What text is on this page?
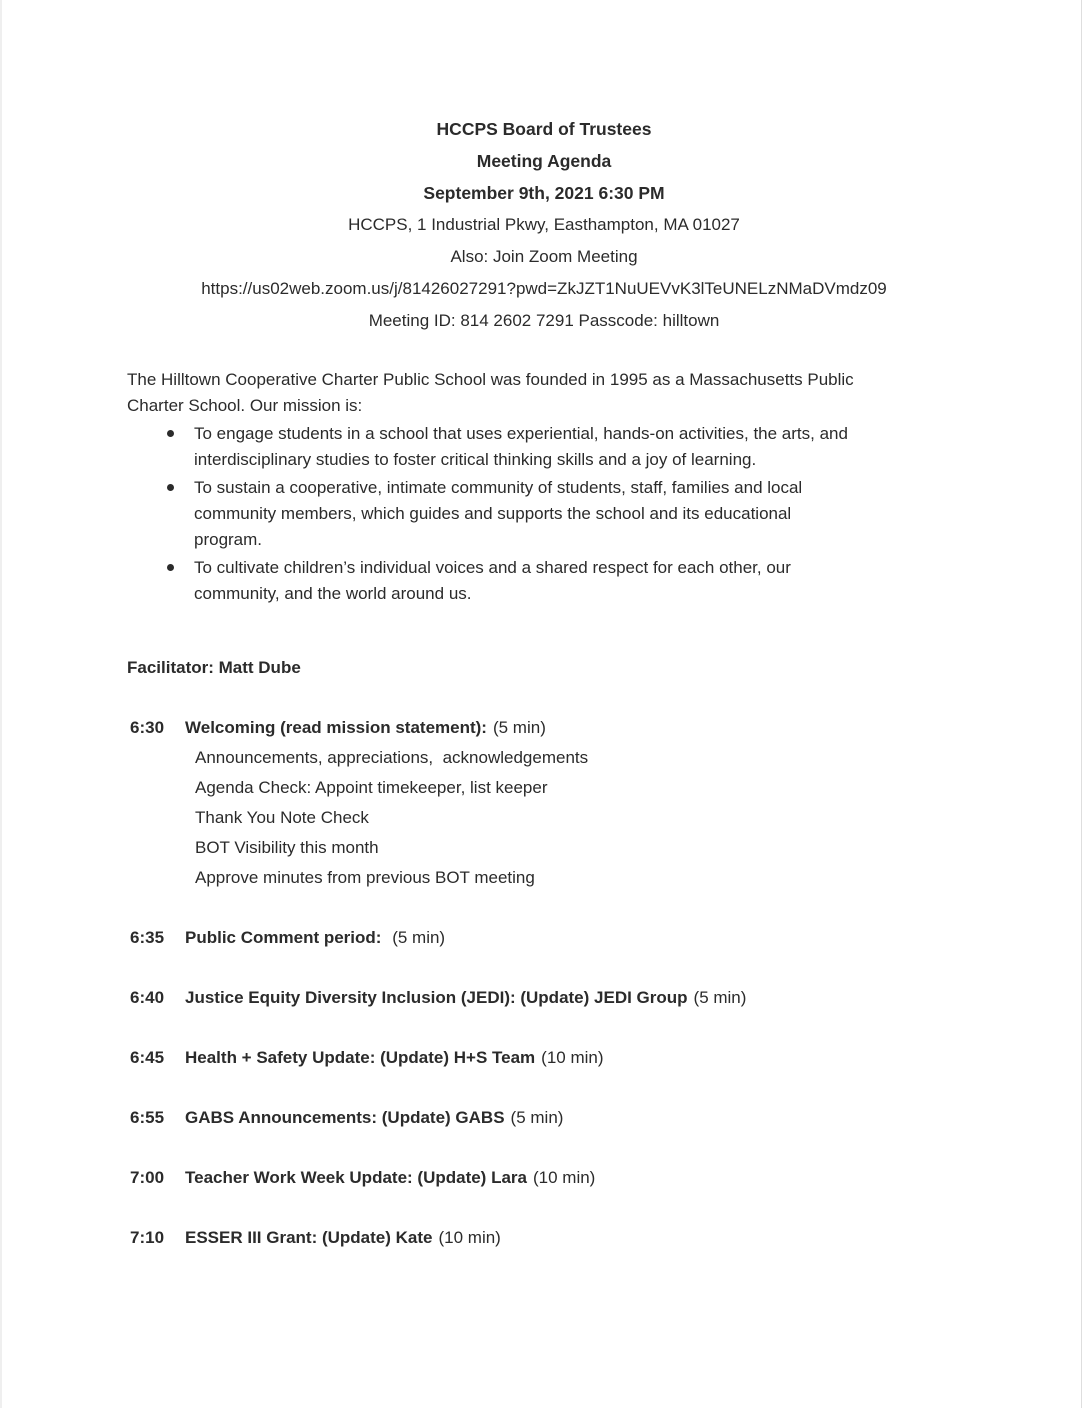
HCCPS Board of Trustees
Meeting Agenda
September 9th, 2021 6:30 PM
HCCPS, 1 Industrial Pkwy, Easthampton, MA 01027
Also: Join Zoom Meeting
https://us02web.zoom.us/j/81426027291?pwd=ZkJZT1NuUEVvK3lTeUNELzNMaDVmdz09
Meeting ID: 814 2602 7291 Passcode: hilltown
The Hilltown Cooperative Charter Public School was founded in 1995 as a Massachusetts Public
Charter School. Our mission is:
To engage students in a school that uses experiential, hands-on activities, the arts, and
interdisciplinary studies to foster critical thinking skills and a joy of learning.
To sustain a cooperative, intimate community of students, staff, families and local
community members, which guides and supports the school and its educational
program.
To cultivate children’s individual voices and a shared respect for each other, our
community, and the world around us.
Facilitator: Matt Dube
6:30	Welcoming (read mission statement): (5 min)
Announcements, appreciations,  acknowledgements
Agenda Check: Appoint timekeeper, list keeper
Thank You Note Check
BOT Visibility this month
Approve minutes from previous BOT meeting
6:35	Public Comment period: (5 min)
6:40	Justice Equity Diversity Inclusion (JEDI): (Update) JEDI Group (5 min)
6:45	Health + Safety Update: (Update) H+S Team (10 min)
6:55	GABS Announcements: (Update) GABS (5 min)
7:00	Teacher Work Week Update: (Update) Lara (10 min)
7:10	ESSER III Grant: (Update) Kate (10 min)
